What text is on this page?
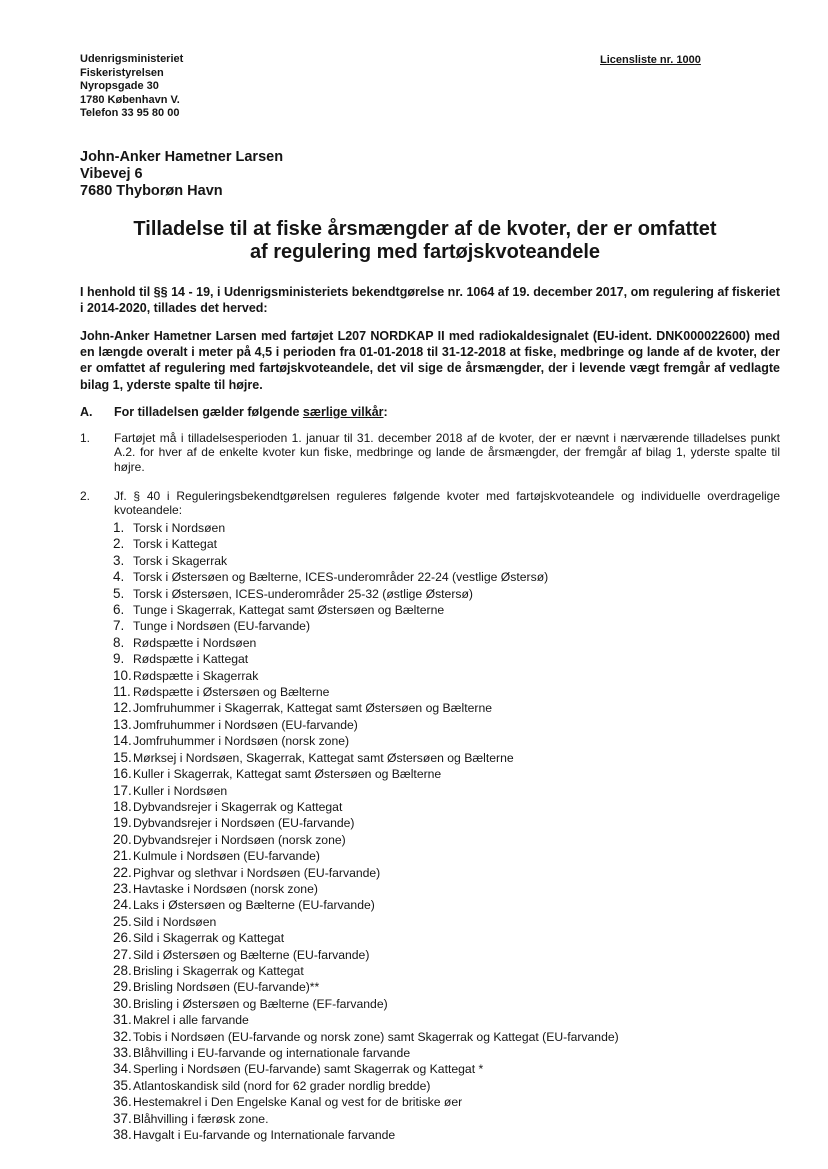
Udenrigsministeriet
Fiskeristyrelsen
Nyropsgade 30
1780 København V.
Telefon 33 95 80 00
Licensliste nr. 1000
John-Anker Hametner Larsen
Vibevej 6
7680 Thyborøn Havn
Tilladelse til at fiske årsmængder af de kvoter, der er omfattet
af regulering med fartøjskvoteandele
I henhold til §§ 14 - 19, i Udenrigsministeriets bekendtgørelse nr. 1064 af 19. december 2017, om regulering af fiskeriet i 2014-2020, tillades det herved:
John-Anker Hametner Larsen med fartøjet L207 NORDKAP II med radiokaldesignalet (EU-ident. DNK000022600) med en længde overalt i meter på 4,5 i perioden fra 01-01-2018 til 31-12-2018 at fiske, medbringe og lande af de kvoter, der er omfattet af regulering med fartøjskvoteandele, det vil sige de årsmængder, der i levende vægt fremgår af vedlagte bilag 1, yderste spalte til højre.
A. For tilladelsen gælder følgende særlige vilkår:
1.	Fartøjet må i tilladelsesperioden 1. januar til 31. december 2018 af de kvoter, der er nævnt i nærværende tilladelses punkt A.2. for hver af de enkelte kvoter kun fiske, medbringe og lande de årsmængder, der fremgår af bilag 1, yderste spalte til højre.
2.	Jf. § 40 i Reguleringsbekendtgørelsen reguleres følgende kvoter med fartøjskvoteandele og individuelle overdragelige kvoteandele:
1. Torsk i Nordsøen
2. Torsk i Kattegat
3. Torsk i Skagerrak
4. Torsk i Østersøen og Bælterne, ICES-underområder 22-24 (vestlige Østersø)
5. Torsk i Østersøen, ICES-underområder 25-32 (østlige Østersø)
6. Tunge i Skagerrak, Kattegat samt Østersøen og Bælterne
7. Tunge i Nordsøen (EU-farvande)
8. Rødspætte i Nordsøen
9. Rødspætte i Kattegat
10.Rødspætte i Skagerrak
11. Rødspætte i Østersøen og Bælterne
12.Jomfruhummer i Skagerrak, Kattegat samt Østersøen og Bælterne
13.Jomfruhummer i Nordsøen (EU-farvande)
14.Jomfruhummer i Nordsøen (norsk zone)
15.Mørksej i Nordsøen, Skagerrak, Kattegat samt Østersøen og Bælterne
16.Kuller i Skagerrak, Kattegat samt Østersøen og Bælterne
17.Kuller i Nordsøen
18.Dybvandsrejer i Skagerrak og Kattegat
19.Dybvandsrejer i Nordsøen (EU-farvande)
20.Dybvandsrejer i Nordsøen (norsk zone)
21.Kulmule i Nordsøen (EU-farvande)
22.Pighvar og slethvar i Nordsøen (EU-farvande)
23.Havtaske i Nordsøen (norsk zone)
24.Laks i Østersøen og Bælterne (EU-farvande)
25.Sild i Nordsøen
26.Sild i Skagerrak og Kattegat
27.Sild i Østersøen og Bælterne (EU-farvande)
28.Brisling i Skagerrak og Kattegat
29.Brisling Nordsøen (EU-farvande)**
30.Brisling i Østersøen og Bælterne (EF-farvande)
31.Makrel i alle farvande
32.Tobis i Nordsøen (EU-farvande og norsk zone) samt Skagerrak og Kattegat (EU-farvande)
33.Blåhvilling i EU-farvande og internationale farvande
34.Sperling i Nordsøen (EU-farvande) samt Skagerrak og Kattegat *
35.Atlantoskandisk sild (nord for 62 grader nordlig bredde)
36.Hestemakrel i Den Engelske Kanal og vest for de britiske øer
37.Blåhvilling i færøsk zone.
38.Havgalt i Eu-farvande og Internationale farvande
